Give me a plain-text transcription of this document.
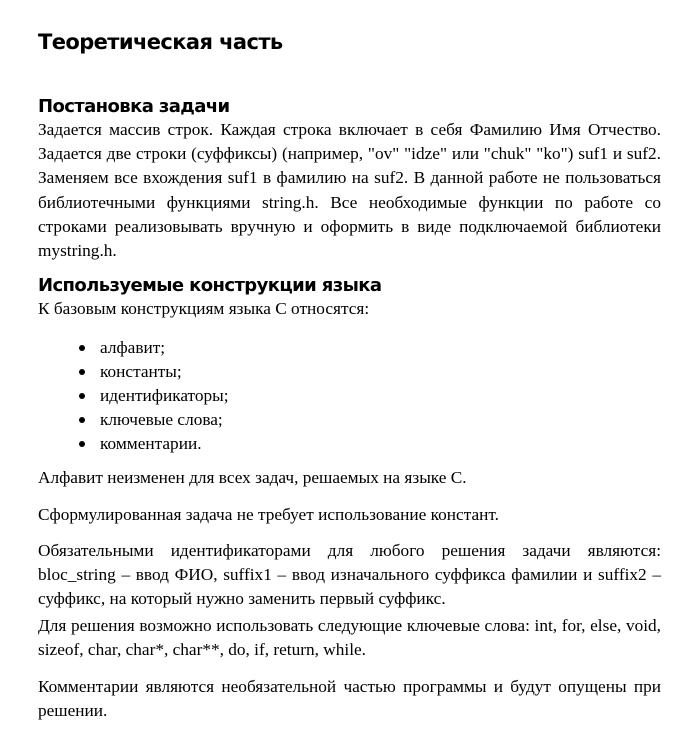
Теоретическая часть
Постановка задачи

Задается массив строк. Каждая строка включает в себя Фамилию Имя Отчество. Задается две строки (суффиксы) (например, "ov" "idze" или "chuk" "ko") suf1 и suf2. Заменяем все вхождения suf1 в фамилию на suf2. В данной работе не пользоваться библиотечными функциями string.h. Все необходимые функции по работе со строками реализовывать вручную и оформить в виде подключаемой библиотеки mystring.h.

Используемые конструкции языка

К базовым конструкциям языка С относятся:

алфавит;
константы;
идентификаторы;
ключевые слова;
комментарии.

Алфавит неизменен для всех задач, решаемых на языке С.

Сформулированная задача не требует использование констант.

Обязательными идентификаторами для любого решения задачи являются: bloc_string – ввод ФИО, suffix1 – ввод изначального суффикса фамилии и suffix2 – суффикс, на который нужно заменить первый суффикс.

Для решения возможно использовать следующие ключевые слова: int, for, else, void, sizeof, char, char*, char**, do, if, return, while.

Комментарии являются необязательной частью программы и будут опущены при решении.
